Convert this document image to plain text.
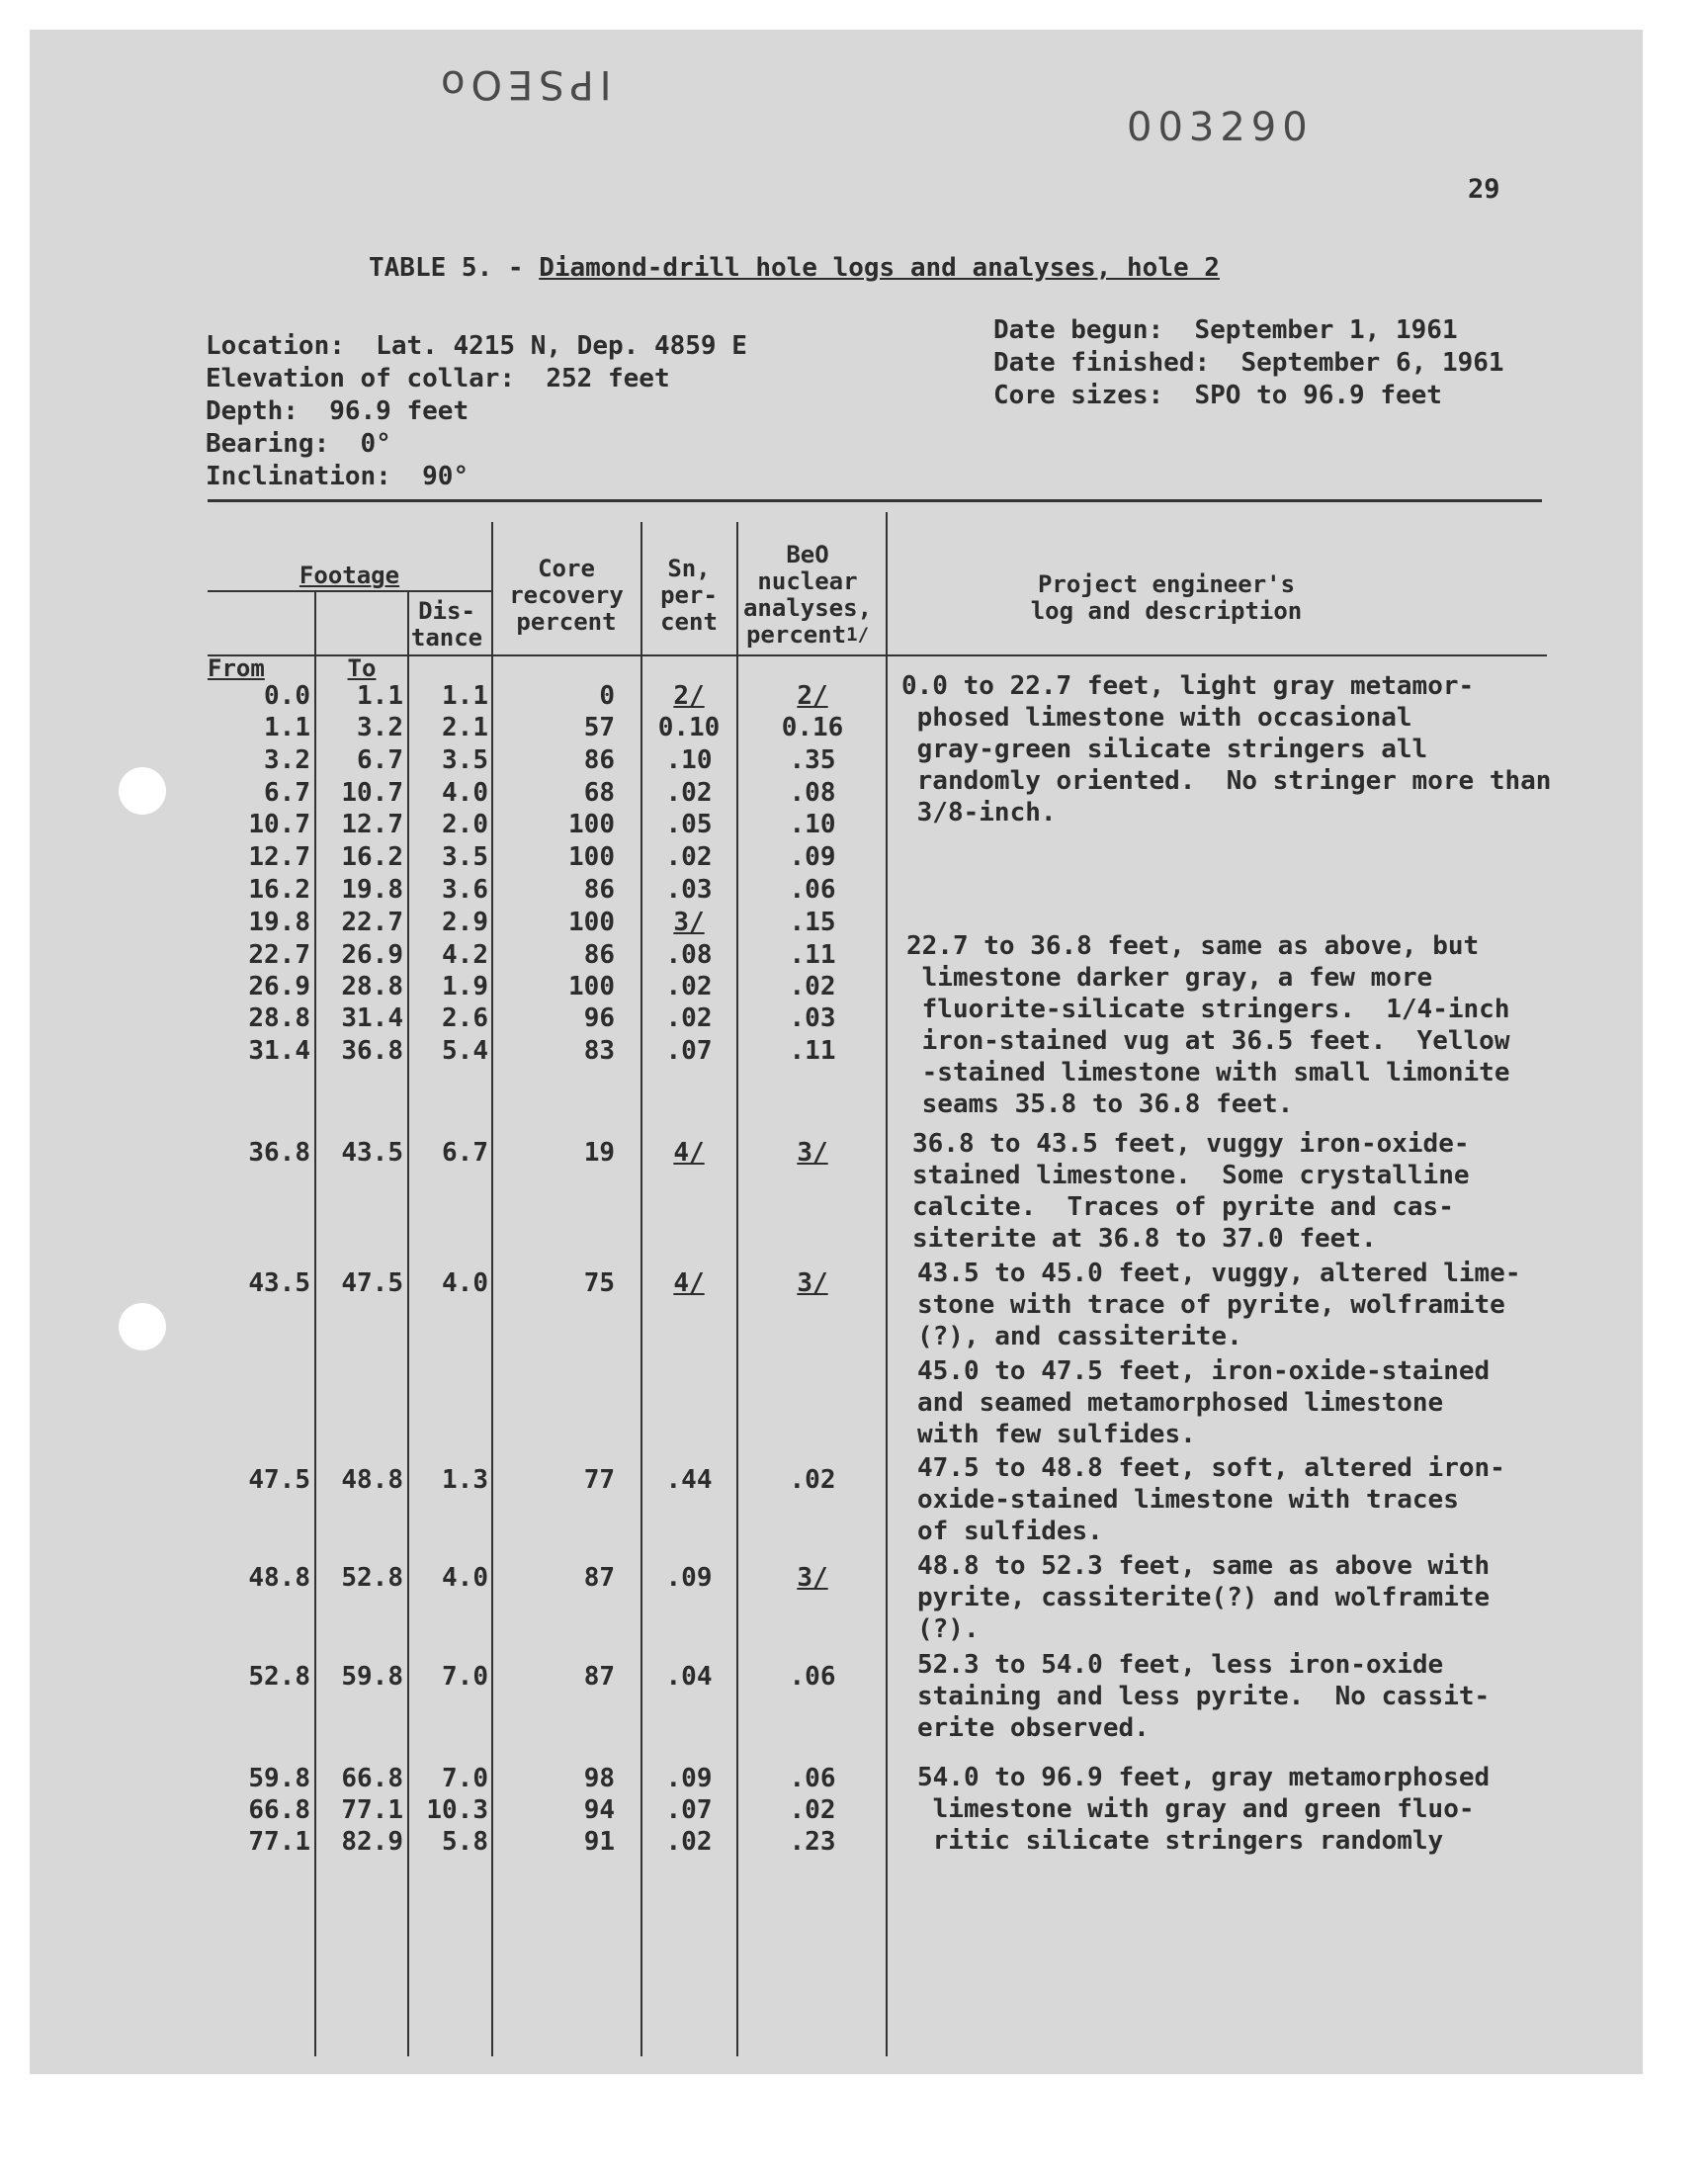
IPSEOo
003290
29
TABLE 5. - Diamond-drill hole logs and analyses, hole 2
Location:  Lat. 4215 N, Dep. 4859 E
Elevation of collar:  252 feet
Depth:  96.9 feet
Bearing:  0°
Inclination:  90°
Date begun:  September 1, 1961
Date finished:  September 6, 1961
Core sizes:  SPO to 96.9 feet
Footage

From	To

Dis-
tance
Core
recovery
percent
Sn,
per-
cent

BeO
nuclear
analyses,
percent$^{1/}$

Project engineer's
log and description
0.0	1.1	1.1	0	2/	2/
1.1	3.2	2.1	57	0.10	0.16
3.2	6.7	3.5	86	.10	.35
6.7	10.7	4.0	68	.02	.08
10.7	12.7	2.0	100	.05	.10
12.7	16.2	3.5	100	.02	.09
16.2	19.8	3.6	86	.03	.06
19.8	22.7	2.9	100	3/	.15
22.7	26.9	4.2	86	.08	.11
26.9	28.8	1.9	100	.02	.02
28.8	31.4	2.6	96	.02	.03
31.4	36.8	5.4	83	.07	.11
36.8	43.5	6.7	19	4/	3/
43.5	47.5	4.0	75	4/	3/
47.5	48.8	1.3	77	.44	.02
48.8	52.8	4.0	87	.09	3/
52.8	59.8	7.0	87	.04	.06
59.8	66.8	7.0	98	.09	.06
66.8	77.1 10.3	94	.07	.02
77.1	82.9	5.8	91	.02	.23
0.0 to 22.7 feet, light gray metamor-
phosed limestone with occasional
gray-green silicate stringers all
randomly oriented.  No stringer more than
3/8-inch.
22.7 to 36.8 feet, same as above, but
limestone darker gray, a few more
fluorite-silicate stringers.  1/4-inch
iron-stained vug at 36.5 feet.  Yellow
-stained limestone with small limonite
seams 35.8 to 36.8 feet.
36.8 to 43.5 feet, vuggy iron-oxide-
stained limestone.  Some crystalline
calcite.  Traces of pyrite and cas-
siterite at 36.8 to 37.0 feet.
43.5 to 45.0 feet, vuggy, altered lime-
stone with trace of pyrite, wolframite
(?), and cassiterite.
45.0 to 47.5 feet, iron-oxide-stained
and seamed metamorphosed limestone
with few sulfides.
47.5 to 48.8 feet, soft, altered iron-
oxide-stained limestone with traces
of sulfides.
48.8 to 52.3 feet, same as above with
pyrite, cassiterite(?) and wolframite
(?).
52.3 to 54.0 feet, less iron-oxide
staining and less pyrite.  No cassit-
erite observed.
54.0 to 96.9 feet, gray metamorphosed
limestone with gray and green fluo-
ritic silicate stringers randomly
